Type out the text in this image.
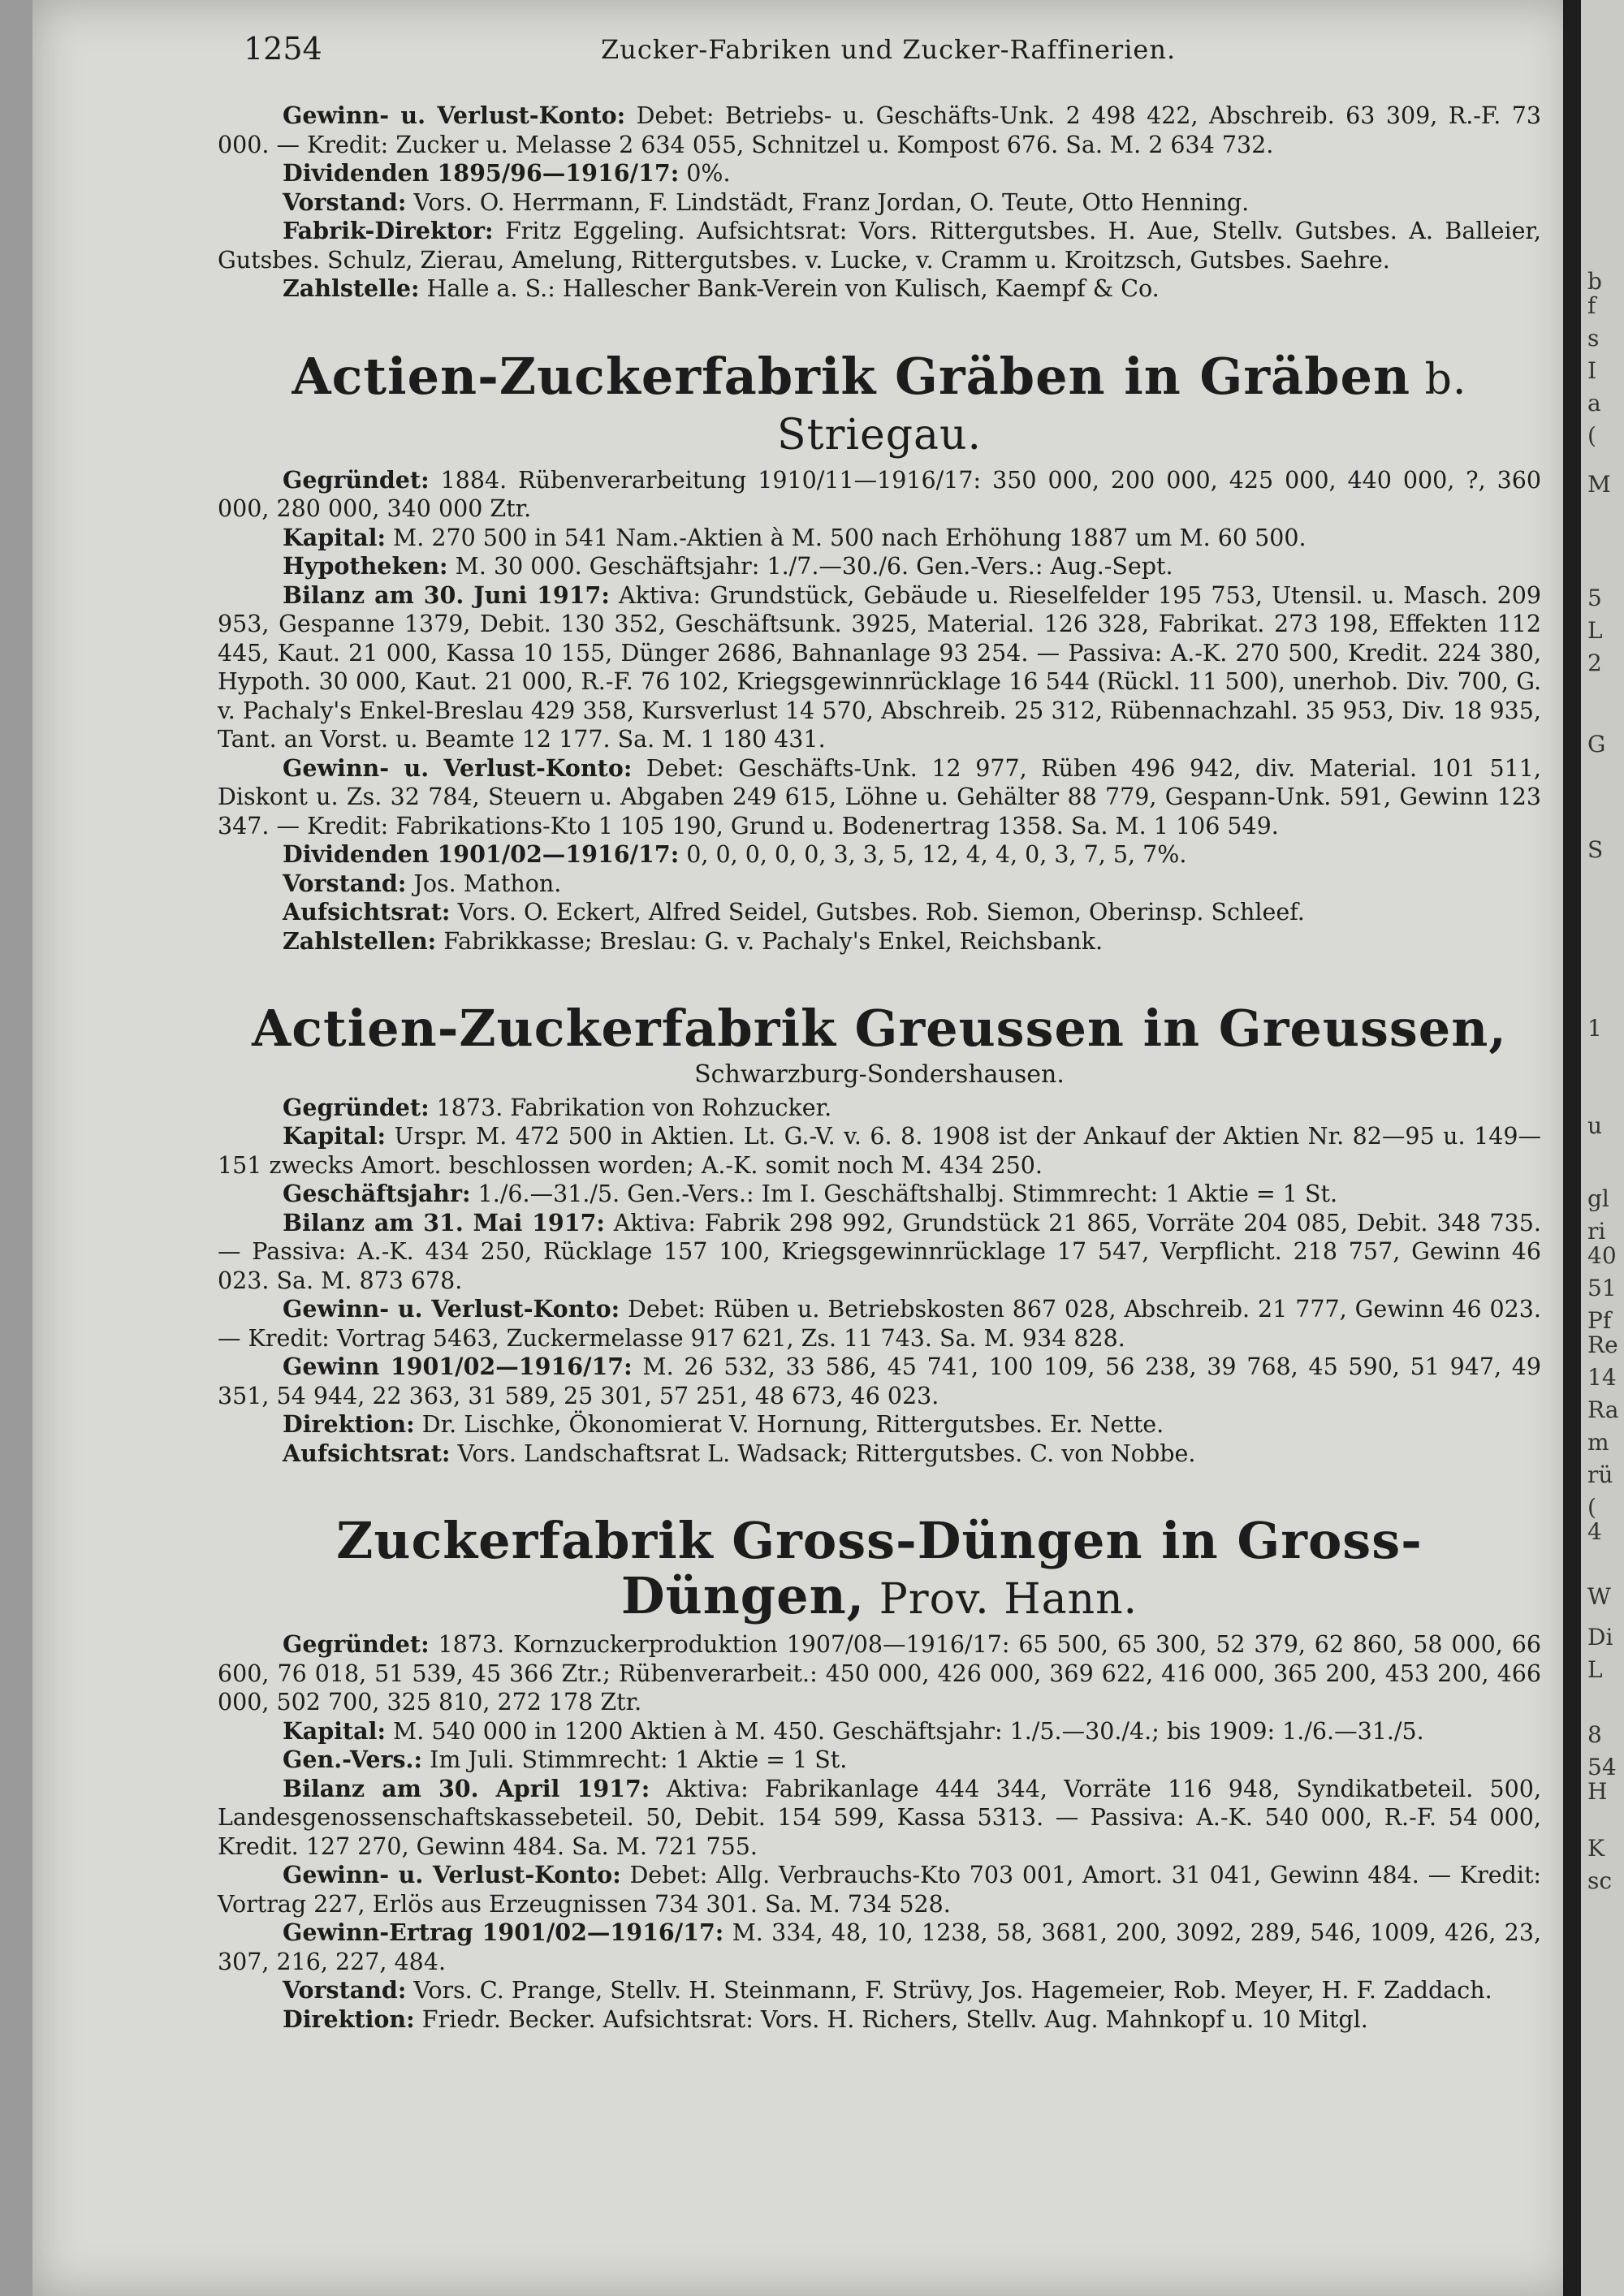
1254	Zucker-Fabriken und Zucker-Raffinerien.

Gewinn- u. Verlust-Konto: Debet: Betriebs- u. Geschäfts-Unk. 2 498 422, Abschreib. 63 309, R.-F. 73 000. — Kredit: Zucker u. Melasse 2 634 055, Schnitzel u. Kompost 676. Sa. M. 2 634 732.

Dividenden 1895/96—1916/17: 0%.

Vorstand: Vors. O. Herrmann, F. Lindstädt, Franz Jordan, O. Teute, Otto Henning.

Fabrik-Direktor: Fritz Eggeling. Aufsichtsrat: Vors. Rittergutsbes. H. Aue, Stellv. Gutsbes. A. Balleier, Gutsbes. Schulz, Zierau, Amelung, Rittergutsbes. v. Lucke, v. Cramm u. Kroitzsch, Gutsbes. Saehre.

Zahlstelle: Halle a. S.: Hallescher Bank-Verein von Kulisch, Kaempf & Co.

Actien-Zuckerfabrik Gräben in Gräben b. Striegau.

Gegründet: 1884. Rübenverarbeitung 1910/11—1916/17: 350 000, 200 000, 425 000, 440 000, ?, 360 000, 280 000, 340 000 Ztr.

Kapital: M. 270 500 in 541 Nam.-Aktien à M. 500 nach Erhöhung 1887 um M. 60 500.

Hypotheken: M. 30 000. Geschäftsjahr: 1./7.—30./6. Gen.-Vers.: Aug.-Sept.

Bilanz am 30. Juni 1917: Aktiva: Grundstück, Gebäude u. Rieselfelder 195 753, Utensil. u. Masch. 209 953, Gespanne 1379, Debit. 130 352, Geschäftsunk. 3925, Material. 126 328, Fabrikat. 273 198, Effekten 112 445, Kaut. 21 000, Kassa 10 155, Dünger 2686, Bahnanlage 93 254. — Passiva: A.-K. 270 500, Kredit. 224 380, Hypoth. 30 000, Kaut. 21 000, R.-F. 76 102, Kriegsgewinnrücklage 16 544 (Rückl. 11 500), unerhob. Div. 700, G. v. Pachaly's Enkel-Breslau 429 358, Kursverlust 14 570, Abschreib. 25 312, Rübennachzahl. 35 953, Div. 18 935, Tant. an Vorst. u. Beamte 12 177. Sa. M. 1 180 431.

Gewinn- u. Verlust-Konto: Debet: Geschäfts-Unk. 12 977, Rüben 496 942, div. Material. 101 511, Diskont u. Zs. 32 784, Steuern u. Abgaben 249 615, Löhne u. Gehälter 88 779, Gespann-Unk. 591, Gewinn 123 347. — Kredit: Fabrikations-Kto 1 105 190, Grund u. Bodenertrag 1358. Sa. M. 1 106 549.

Dividenden 1901/02—1916/17: 0, 0, 0, 0, 0, 3, 3, 5, 12, 4, 4, 0, 3, 7, 5, 7%.

Vorstand: Jos. Mathon.

Aufsichtsrat: Vors. O. Eckert, Alfred Seidel, Gutsbes. Rob. Siemon, Oberinsp. Schleef.

Zahlstellen: Fabrikkasse; Breslau: G. v. Pachaly's Enkel, Reichsbank.

Actien-Zuckerfabrik Greussen in Greussen,
Schwarzburg-Sondershausen.

Gegründet: 1873. Fabrikation von Rohzucker.

Kapital: Urspr. M. 472 500 in Aktien. Lt. G.-V. v. 6. 8. 1908 ist der Ankauf der Aktien Nr. 82—95 u. 149—151 zwecks Amort. beschlossen worden; A.-K. somit noch M. 434 250.

Geschäftsjahr: 1./6.—31./5. Gen.-Vers.: Im I. Geschäftshalbj. Stimmrecht: 1 Aktie = 1 St.

Bilanz am 31. Mai 1917: Aktiva: Fabrik 298 992, Grundstück 21 865, Vorräte 204 085, Debit. 348 735. — Passiva: A.-K. 434 250, Rücklage 157 100, Kriegsgewinnrücklage 17 547, Verpflicht. 218 757, Gewinn 46 023. Sa. M. 873 678.

Gewinn- u. Verlust-Konto: Debet: Rüben u. Betriebskosten 867 028, Abschreib. 21 777, Gewinn 46 023. — Kredit: Vortrag 5463, Zuckermelasse 917 621, Zs. 11 743. Sa. M. 934 828.

Gewinn 1901/02—1916/17: M. 26 532, 33 586, 45 741, 100 109, 56 238, 39 768, 45 590, 51 947, 49 351, 54 944, 22 363, 31 589, 25 301, 57 251, 48 673, 46 023.

Direktion: Dr. Lischke, Ökonomierat V. Hornung, Rittergutsbes. Er. Nette.

Aufsichtsrat: Vors. Landschaftsrat L. Wadsack; Rittergutsbes. C. von Nobbe.

Zuckerfabrik Gross-Düngen in Gross-Düngen, Prov. Hann.

Gegründet: 1873. Kornzuckerproduktion 1907/08—1916/17: 65 500, 65 300, 52 379, 62 860, 58 000, 66 600, 76 018, 51 539, 45 366 Ztr.; Rübenverarbeit.: 450 000, 426 000, 369 622, 416 000, 365 200, 453 200, 466 000, 502 700, 325 810, 272 178 Ztr.

Kapital: M. 540 000 in 1200 Aktien à M. 450. Geschäftsjahr: 1./5.—30./4.; bis 1909: 1./6.—31./5.

Gen.-Vers.: Im Juli. Stimmrecht: 1 Aktie = 1 St.

Bilanz am 30. April 1917: Aktiva: Fabrikanlage 444 344, Vorräte 116 948, Syndikatbeteil. 500, Landesgenossenschaftskassebeteil. 50, Debit. 154 599, Kassa 5313. — Passiva: A.-K. 540 000, R.-F. 54 000, Kredit. 127 270, Gewinn 484. Sa. M. 721 755.

Gewinn- u. Verlust-Konto: Debet: Allg. Verbrauchs-Kto 703 001, Amort. 31 041, Gewinn 484. — Kredit: Vortrag 227, Erlös aus Erzeugnissen 734 301. Sa. M. 734 528.

Gewinn-Ertrag 1901/02—1916/17: M. 334, 48, 10, 1238, 58, 3681, 200, 3092, 289, 546, 1009, 426, 23, 307, 216, 227, 484.

Vorstand: Vors. C. Prange, Stellv. H. Steinmann, F. Strüvy, Jos. Hagemeier, Rob. Meyer, H. F. Zaddach.

Direktion: Friedr. Becker. Aufsichtsrat: Vors. H. Richers, Stellv. Aug. Mahnkopf u. 10 Mitgl.

b
f
s
I
a
(
M
5
L
2
G
S
1
u
gl
ri
40
51
Pf
Re
14
Ra
m
rü
(
4
W
Di
L
8
54
H
K
sc
